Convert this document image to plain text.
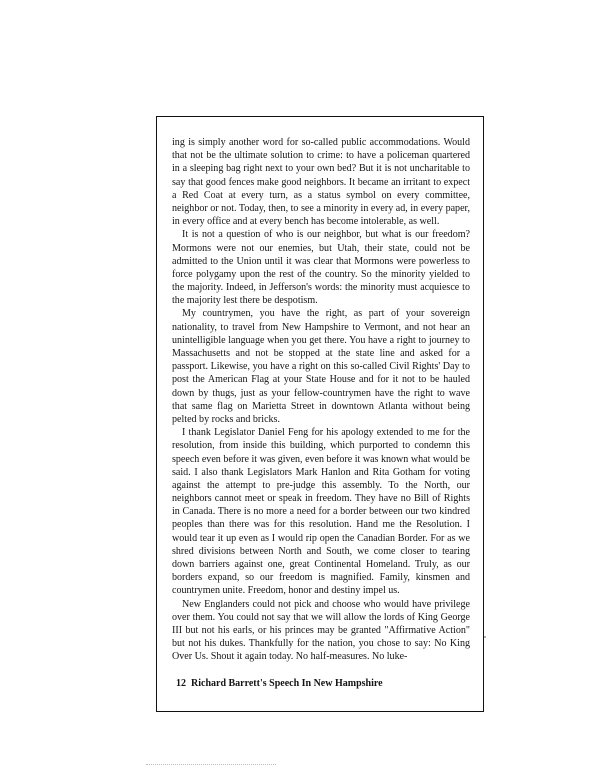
ing is simply another word for so-called public accommodations. Would that not be the ultimate solution to crime: to have a policeman quartered in a sleeping bag right next to your own bed? But it is not uncharitable to say that good fences make good neighbors. It became an irritant to expect a Red Coat at every turn, as a status symbol on every committee, neighbor or not. Today, then, to see a minority in every ad, in every paper, in every office and at every bench has become intolerable, as well.

It is not a question of who is our neighbor, but what is our freedom? Mormons were not our enemies, but Utah, their state, could not be admitted to the Union until it was clear that Mormons were powerless to force polygamy upon the rest of the country. So the minority yielded to the majority. Indeed, in Jefferson's words: the minority must acquiesce to the majority lest there be despotism.

My countrymen, you have the right, as part of your sovereign nationality, to travel from New Hampshire to Vermont, and not hear an unintelligible language when you get there. You have a right to journey to Massachusetts and not be stopped at the state line and asked for a passport. Likewise, you have a right on this so-called Civil Rights' Day to post the American Flag at your State House and for it not to be hauled down by thugs, just as your fellow-countrymen have the right to wave that same flag on Marietta Street in downtown Atlanta without being pelted by rocks and bricks.

I thank Legislator Daniel Feng for his apology extended to me for the resolution, from inside this building, which purported to condemn this speech even before it was given, even before it was known what would be said. I also thank Legislators Mark Hanlon and Rita Gotham for voting against the attempt to pre-judge this assembly. To the North, our neighbors cannot meet or speak in freedom. They have no Bill of Rights in Canada. There is no more a need for a border between our two kindred peoples than there was for this resolution. Hand me the Resolution. I would tear it up even as I would rip open the Canadian Border. For as we shred divisions between North and South, we come closer to tearing down barriers against one, great Continental Homeland. Truly, as our borders expand, so our freedom is magnified. Family, kinsmen and countrymen unite. Freedom, honor and destiny impel us.

New Englanders could not pick and choose who would have privilege over them. You could not say that we will allow the lords of King George III but not his earls, or his princes may be granted "Affirmative Action" but not his dukes. Thankfully for the nation, you chose to say: No King Over Us. Shout it again today. No half-measures. No luke-

12 Richard Barrett's Speech In New Hampshire
